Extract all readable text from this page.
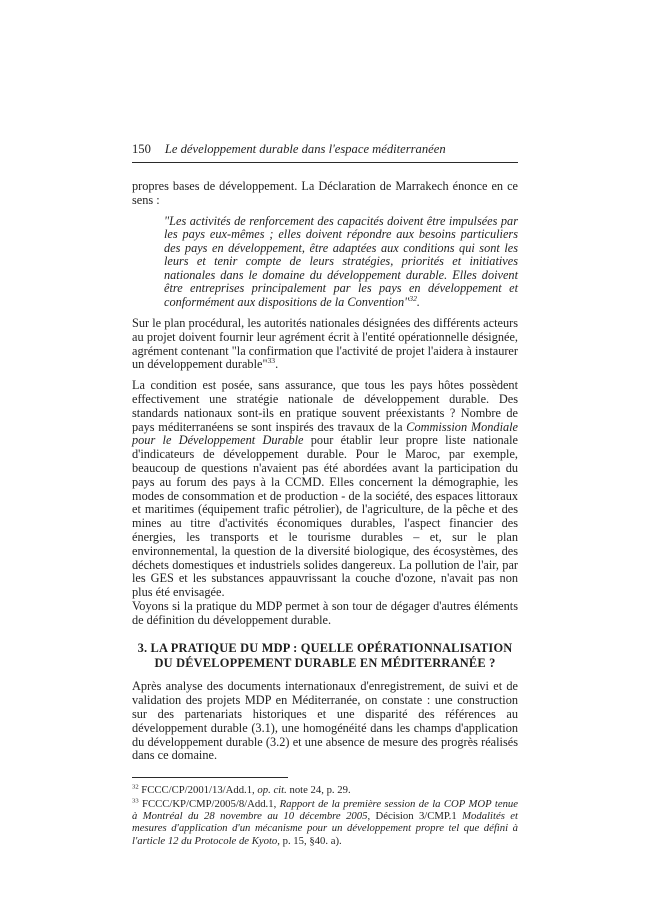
150 Le développement durable dans l'espace méditerranéen

propres bases de développement. La Déclaration de Marrakech énonce en ce sens :

"Les activités de renforcement des capacités doivent être impulsées par les pays eux-mêmes ; elles doivent répondre aux besoins particuliers des pays en développement, être adaptées aux conditions qui sont les leurs et tenir compte de leurs stratégies, priorités et initiatives nationales dans le domaine du développement durable. Elles doivent être entreprises principalement par les pays en développement et conformément aux dispositions de la Convention"$^{32}$.

Sur le plan procédural, les autorités nationales désignées des différents acteurs au projet doivent fournir leur agrément écrit à l'entité opérationnelle désignée, agrément contenant "la confirmation que l'activité de projet l'aidera à instaurer un développement durable"$^{33}$.

La condition est posée, sans assurance, que tous les pays hôtes possèdent effectivement une stratégie nationale de développement durable. Des standards nationaux sont-ils en pratique souvent préexistants ? Nombre de pays méditerranéens se sont inspirés des travaux de la Commission Mondiale pour le Développement Durable pour établir leur propre liste nationale d'indicateurs de développement durable. Pour le Maroc, par exemple, beaucoup de questions n'avaient pas été abordées avant la participation du pays au forum des pays à la CCMD. Elles concernent la démographie, les modes de consommation et de production - de la société, des espaces littoraux et maritimes (équipement trafic pétrolier), de l'agriculture, de la pêche et des mines au titre d'activités économiques durables, l'aspect financier des énergies, les transports et le tourisme durables – et, sur le plan environnemental, la question de la diversité biologique, des écosystèmes, des déchets domestiques et industriels solides dangereux. La pollution de l'air, par les GES et les substances appauvrissant la couche d'ozone, n'avait pas non plus été envisagée.

Voyons si la pratique du MDP permet à son tour de dégager d'autres éléments de définition du développement durable.

3. LA PRATIQUE DU MDP : QUELLE OPÉRATIONNALISATION
DU DÉVELOPPEMENT DURABLE EN MÉDITERRANÉE ?

Après analyse des documents internationaux d'enregistrement, de suivi et de validation des projets MDP en Méditerranée, on constate : une construction sur des partenariats historiques et une disparité des références au développement durable (3.1), une homogénéité dans les champs d'application du développement durable (3.2) et une absence de mesure des progrès réalisés dans ce domaine.

$^{32}$ FCCC/CP/2001/13/Add.1, op. cit. note 24, p. 29.

$^{33}$ FCCC/KP/CMP/2005/8/Add.1, Rapport de la première session de la COP MOP tenue à Montréal du 28 novembre au 10 décembre 2005, Décision 3/CMP.1 Modalités et mesures d'application d'un mécanisme pour un développement propre tel que défini à l'article 12 du Protocole de Kyoto, p. 15, §40. a).
